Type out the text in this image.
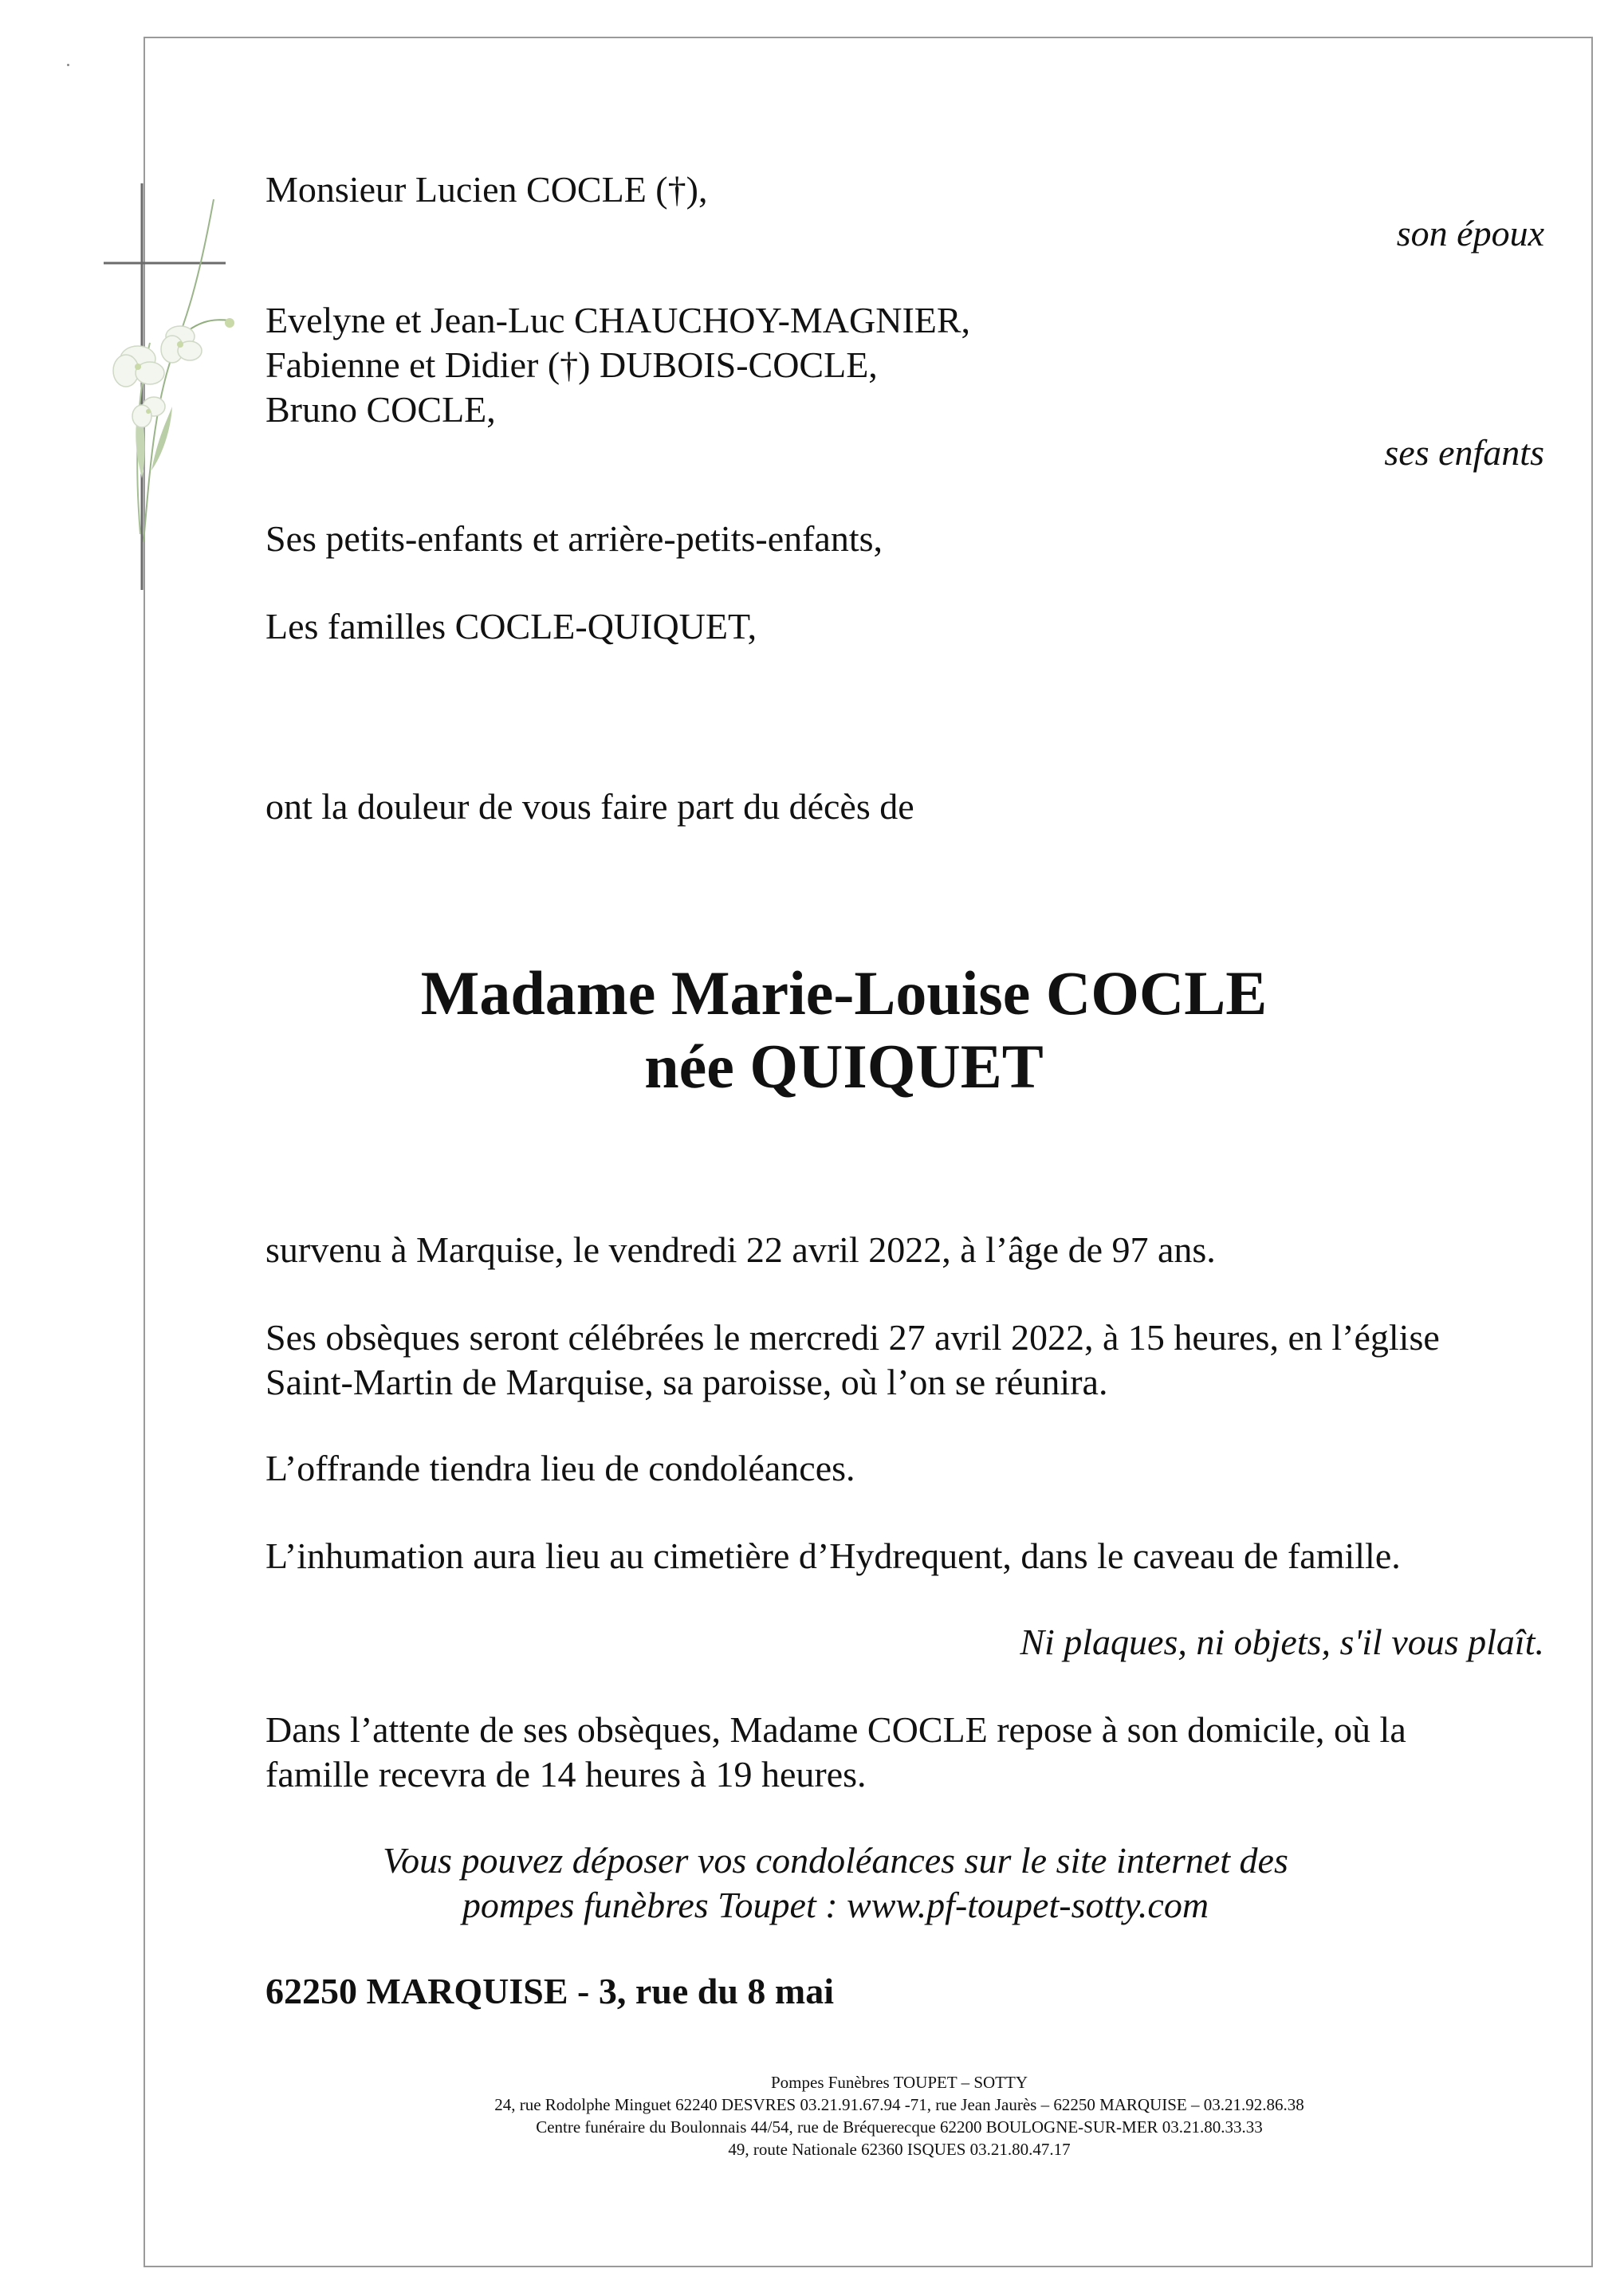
Monsieur Lucien COCLE (†),
son époux
Evelyne et Jean-Luc CHAUCHOY-MAGNIER,
Fabienne et Didier (†) DUBOIS-COCLE,
Bruno COCLE,
ses enfants
Ses petits-enfants et arrière-petits-enfants,
Les familles COCLE-QUIQUET,
ont la douleur de vous faire part du décès de
Madame Marie-Louise COCLE
née QUIQUET
survenu à Marquise, le vendredi 22 avril 2022, à l’âge de 97 ans.
Ses obsèques seront célébrées le mercredi 27 avril 2022, à 15 heures, en l’église
Saint-Martin de Marquise, sa paroisse, où l’on se réunira.
L’offrande tiendra lieu de condoléances.
L’inhumation aura lieu au cimetière d’Hydrequent, dans le caveau de famille.
Ni plaques, ni objets, s'il vous plaît.
Dans l’attente de ses obsèques, Madame COCLE repose à son domicile, où la
famille recevra de 14 heures à 19 heures.
Vous pouvez déposer vos condoléances sur le site internet des
pompes funèbres Toupet : www.pf-toupet-sotty.com
62250 MARQUISE - 3, rue du 8 mai
Pompes Funèbres TOUPET – SOTTY
24, rue Rodolphe Minguet 62240 DESVRES 03.21.91.67.94 -71, rue Jean Jaurès – 62250 MARQUISE – 03.21.92.86.38
Centre funéraire du Boulonnais 44/54, rue de Bréquerecque 62200 BOULOGNE-SUR-MER 03.21.80.33.33
49, route Nationale 62360 ISQUES 03.21.80.47.17
